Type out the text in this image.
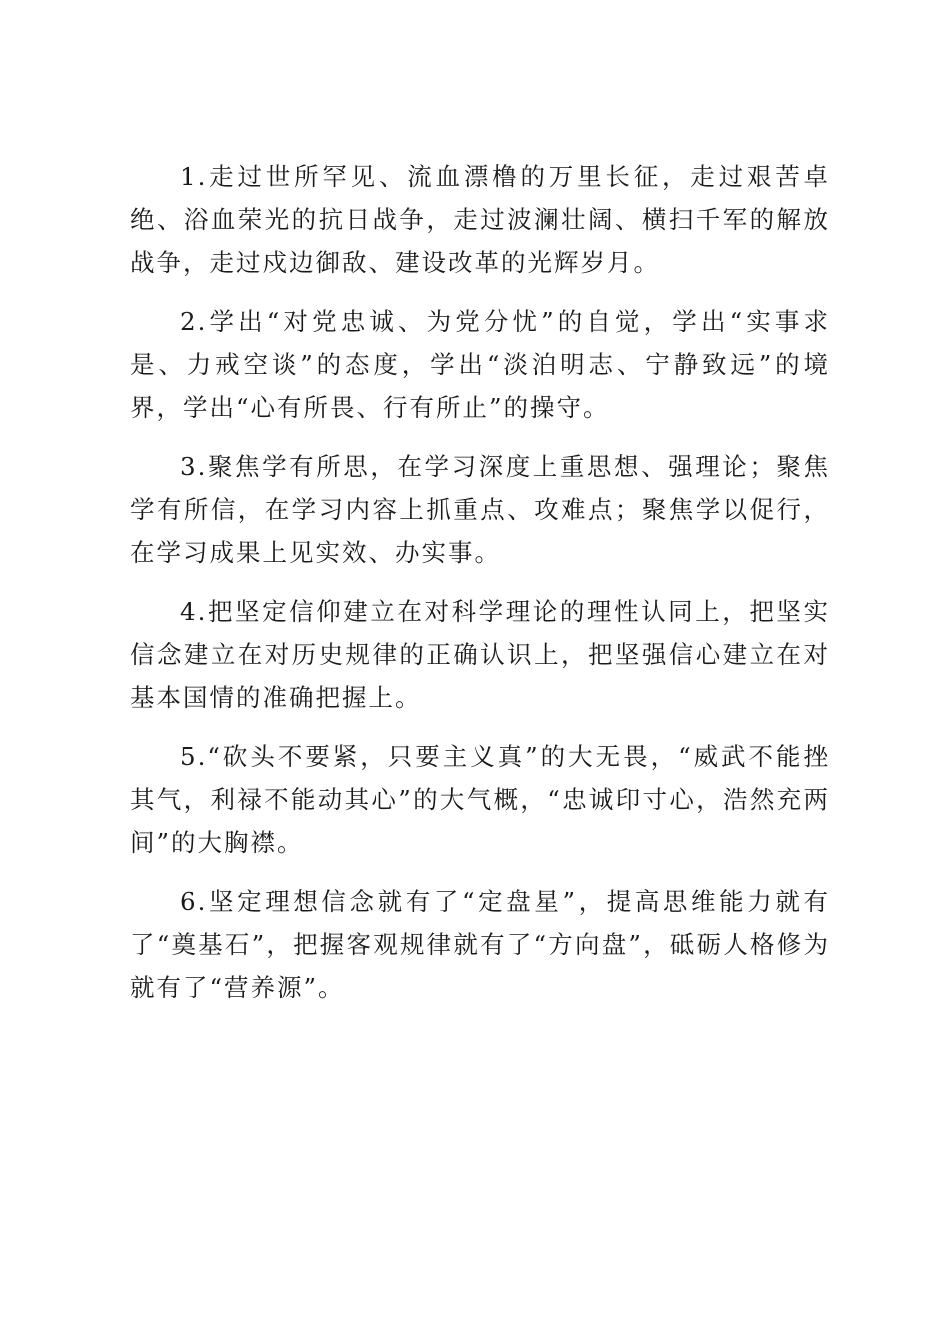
1.走过世所罕见、流血漂橹的万里长征，走过艰苦卓绝、浴血荣光的抗日战争，走过波澜壮阔、横扫千军的解放战争，走过戍边御敌、建设改革的光辉岁月。

2.学出“对党忠诚、为党分忧”的自觉，学出“实事求是、力戒空谈”的态度，学出“淡泊明志、宁静致远”的境界，学出“心有所畏、行有所止”的操守。

3.聚焦学有所思，在学习深度上重思想、强理论；聚焦学有所信，在学习内容上抓重点、攻难点；聚焦学以促行，在学习成果上见实效、办实事。

4.把坚定信仰建立在对科学理论的理性认同上，把坚实信念建立在对历史规律的正确认识上，把坚强信心建立在对基本国情的准确把握上。

5.“砍头不要紧，只要主义真”的大无畏，“威武不能挫其气，利禄不能动其心”的大气概，“忠诚印寸心，浩然充两间”的大胸襟。

6.坚定理想信念就有了“定盘星”，提高思维能力就有了“奠基石”，把握客观规律就有了“方向盘”，砥砺人格修为就有了“营养源”。
